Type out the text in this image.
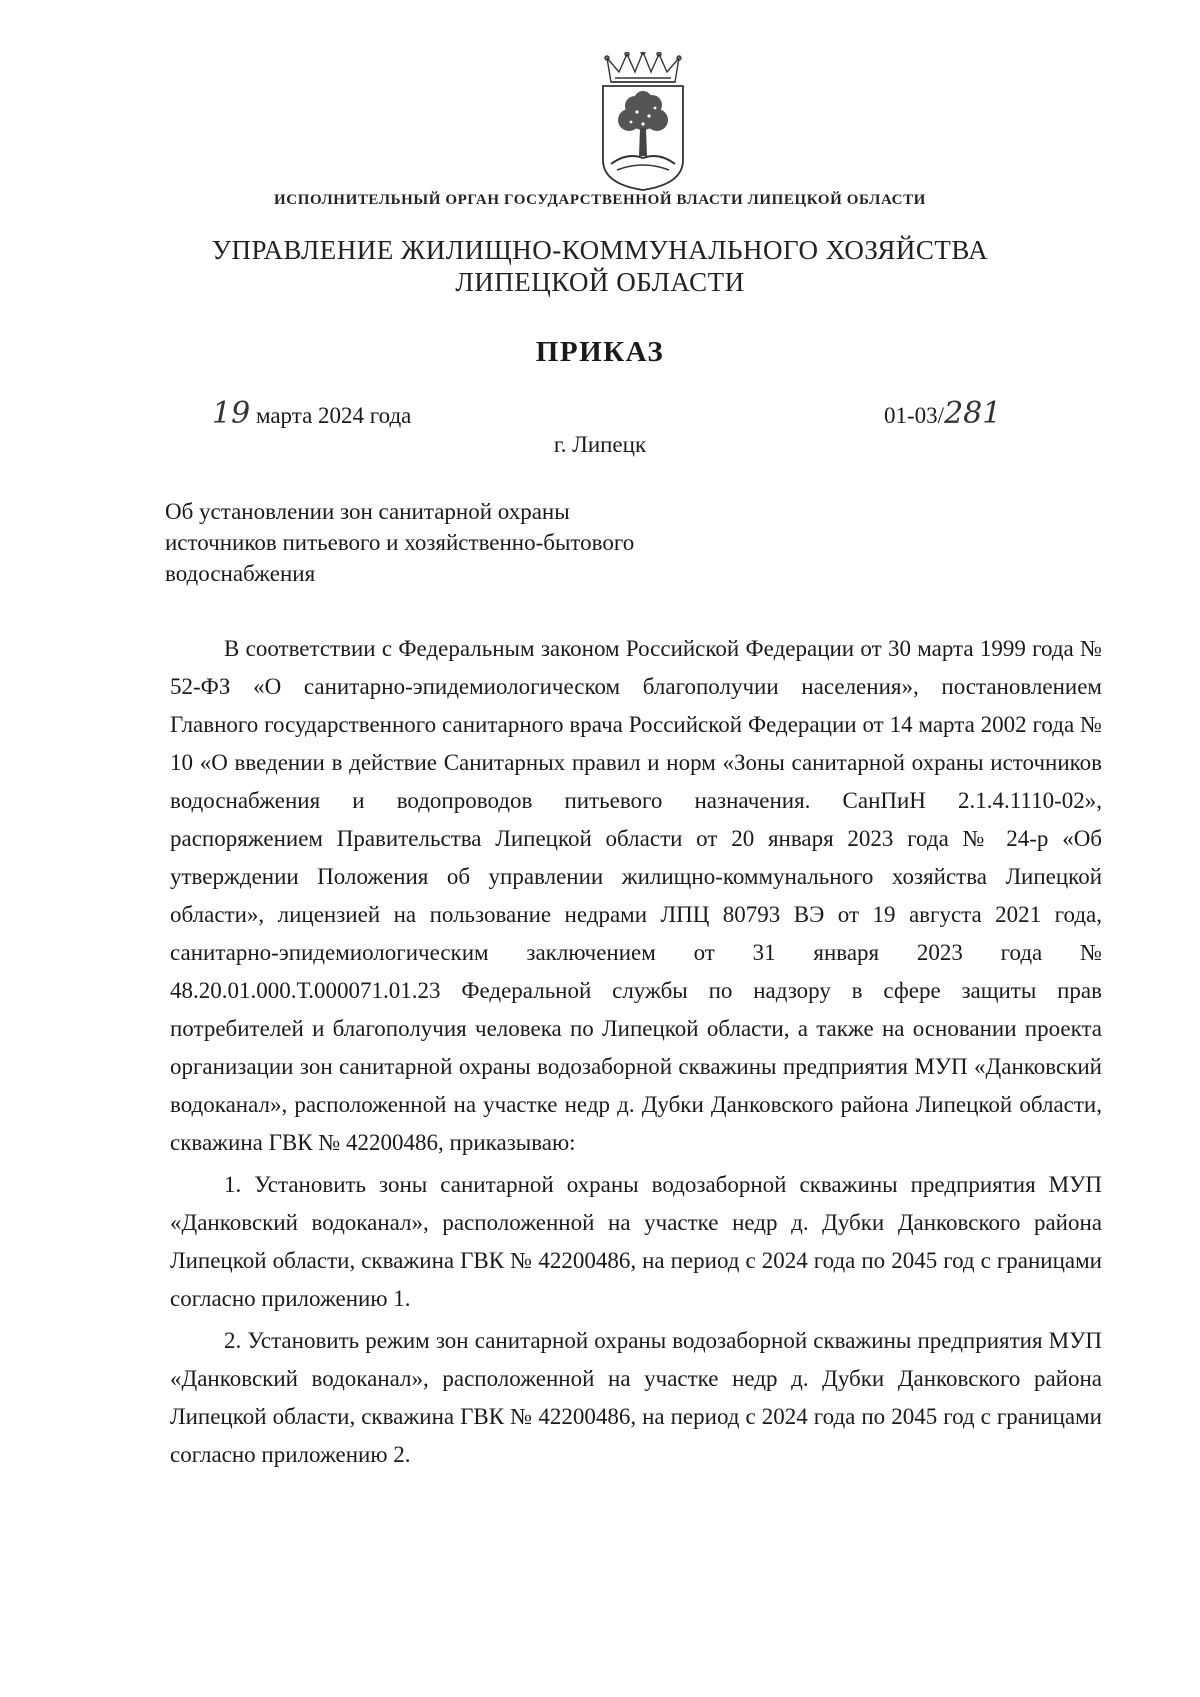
ИСПОЛНИТЕЛЬНЫЙ ОРГАН ГОСУДАРСТВЕННОЙ ВЛАСТИ ЛИПЕЦКОЙ ОБЛАСТИ
УПРАВЛЕНИЕ ЖИЛИЩНО-КОММУНАЛЬНОГО ХОЗЯЙСТВА
ЛИПЕЦКОЙ ОБЛАСТИ
ПРИКАЗ
19 марта 2024 года	01-03/281
г. Липецк
Об установлении зон санитарной охраны
источников питьевого и хозяйственно-бытового
водоснабжения

В соответствии с Федеральным законом Российской Федерации от 30 марта 1999 года № 52-ФЗ «О санитарно-эпидемиологическом благополучии населения», постановлением Главного государственного санитарного врача Российской Федерации от 14 марта 2002 года № 10 «О введении в действие Санитарных правил и норм «Зоны санитарной охраны источников водоснабжения и водопроводов питьевого назначения. СанПиН 2.1.4.1110-02», распоряжением Правительства Липецкой области от 20 января 2023 года № 24-р «Об утверждении Положения об управлении жилищно-коммунального хозяйства Липецкой области», лицензией на пользование недрами ЛПЦ 80793 ВЭ от 19 августа 2021 года, санитарно-эпидемиологическим заключением от 31 января 2023 года № 48.20.01.000.Т.000071.01.23 Федеральной службы по надзору в сфере защиты прав потребителей и благополучия человека по Липецкой области, а также на основании проекта организации зон санитарной охраны водозаборной скважины предприятия МУП «Данковский водоканал», расположенной на участке недр д. Дубки Данковского района Липецкой области, скважина ГВК № 42200486, приказываю:

1. Установить зоны санитарной охраны водозаборной скважины предприятия МУП «Данковский водоканал», расположенной на участке недр д. Дубки Данковского района Липецкой области, скважина ГВК № 42200486, на период с 2024 года по 2045 год с границами согласно приложению 1.

2. Установить режим зон санитарной охраны водозаборной скважины предприятия МУП «Данковский водоканал», расположенной на участке недр д. Дубки Данковского района Липецкой области, скважина ГВК № 42200486, на период с 2024 года по 2045 год с границами согласно приложению 2.
